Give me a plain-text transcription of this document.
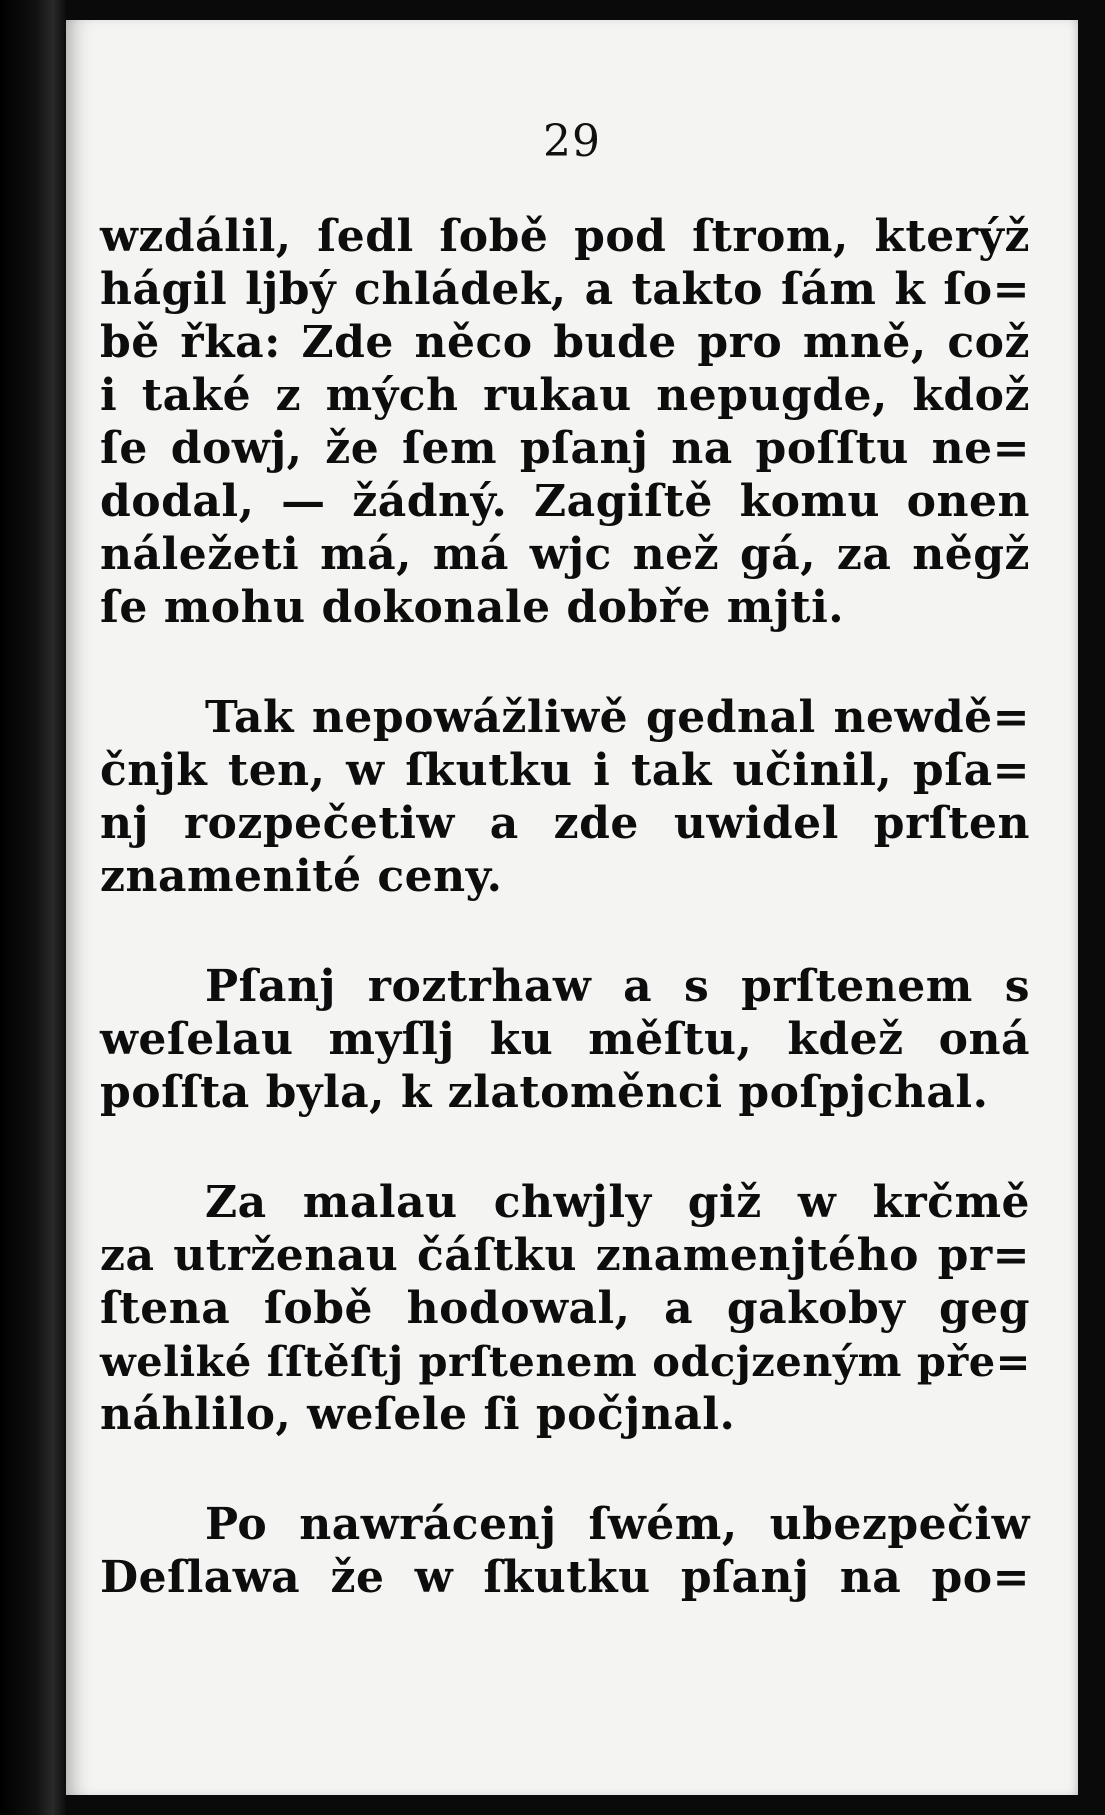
29
wzdálil, ſedl ſobě pod ſtrom, kterýž
hágil ljbý chládek, a takto ſám k ſo=
bě řka: Zde něco bude pro mně, což
i také z mých rukau nepugde, kdož
ſe dowj, že ſem pſanj na poſſtu ne=
dodal, — žádný. Zagiſtě komu onen
náležeti má, má wjc než gá, za něgž
ſe mohu dokonale dobře mjti.
Tak nepowážliwě gednal newdě=
čnjk ten, w ſkutku i tak učinil, pſa=
nj rozpečetiw a zde uwidel prſten
znamenité ceny.
Pſanj roztrhaw a s prſtenem s
weſelau myſlj ku měſtu, kdež oná
poſſta byla, k zlatoměnci poſpjchal.
Za malau chwjly giž w krčmě
za utrženau čáſtku znamenjtého pr=
ſtena ſobě hodowal, a gakoby geg
weliké ſſtěſtj prſtenem odcjzeným pře=
náhlilo, weſele ſi počjnal.
Po nawrácenj ſwém, ubezpečiw
Deſlawa že w ſkutku pſanj na po=
